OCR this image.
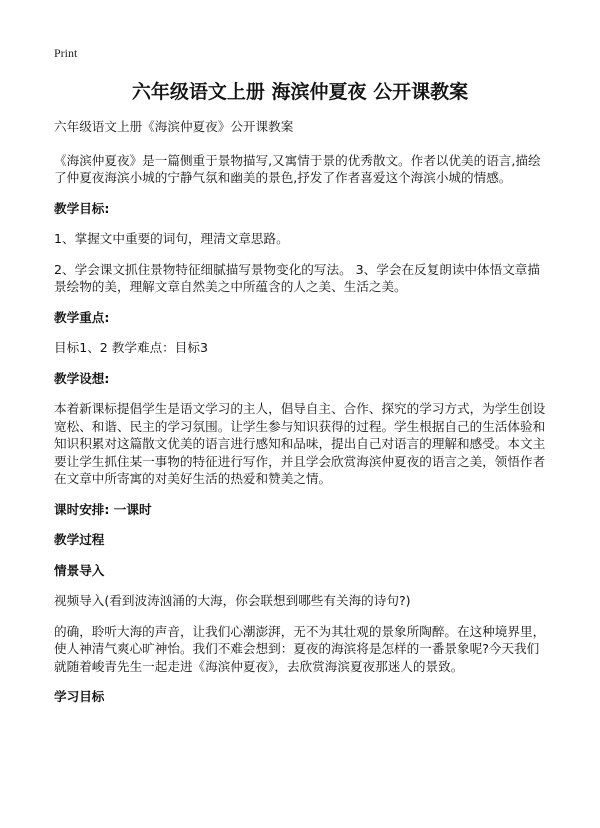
Print
六年级语文上册 海滨仲夏夜 公开课教案

六年级语文上册《海滨仲夏夜》公开课教案

《海滨仲夏夜》是一篇侧重于景物描写,又寓情于景的优秀散文。作者以优美的语言,描绘了仲夏夜海滨小城的宁静气氛和幽美的景色,抒发了作者喜爱这个海滨小城的情感。

教学目标:

1、掌握文中重要的词句，理清文章思路。

2、学会课文抓住景物特征细腻描写景物变化的写法。 3、学会在反复朗读中体悟文章描景绘物的美，理解文章自然美之中所蕴含的人之美、生活之美。

教学重点:

目标1、2 教学难点：目标3

教学设想:

本着新课标提倡学生是语文学习的主人，倡导自主、合作、探究的学习方式，为学生创设宽松、和谐、民主的学习氛围。让学生参与知识获得的过程。学生根据自己的生活体验和知识积累对这篇散文优美的语言进行感知和品味，提出自己对语言的理解和感受。本文主要让学生抓住某一事物的特征进行写作，并且学会欣赏海滨仲夏夜的语言之美，领悟作者在文章中所寄寓的对美好生活的热爱和赞美之情。

课时安排: 一课时

教学过程

情景导入

视频导入(看到波涛汹涌的大海，你会联想到哪些有关海的诗句?)

的确，聆听大海的声音，让我们心潮澎湃，无不为其壮观的景象所陶醉。在这种境界里，使人神清气爽心旷神怡。我们不难会想到：夏夜的海滨将是怎样的一番景象呢?今天我们就随着峻青先生一起走进《海滨仲夏夜》，去欣赏海滨夏夜那迷人的景致。

学习目标
